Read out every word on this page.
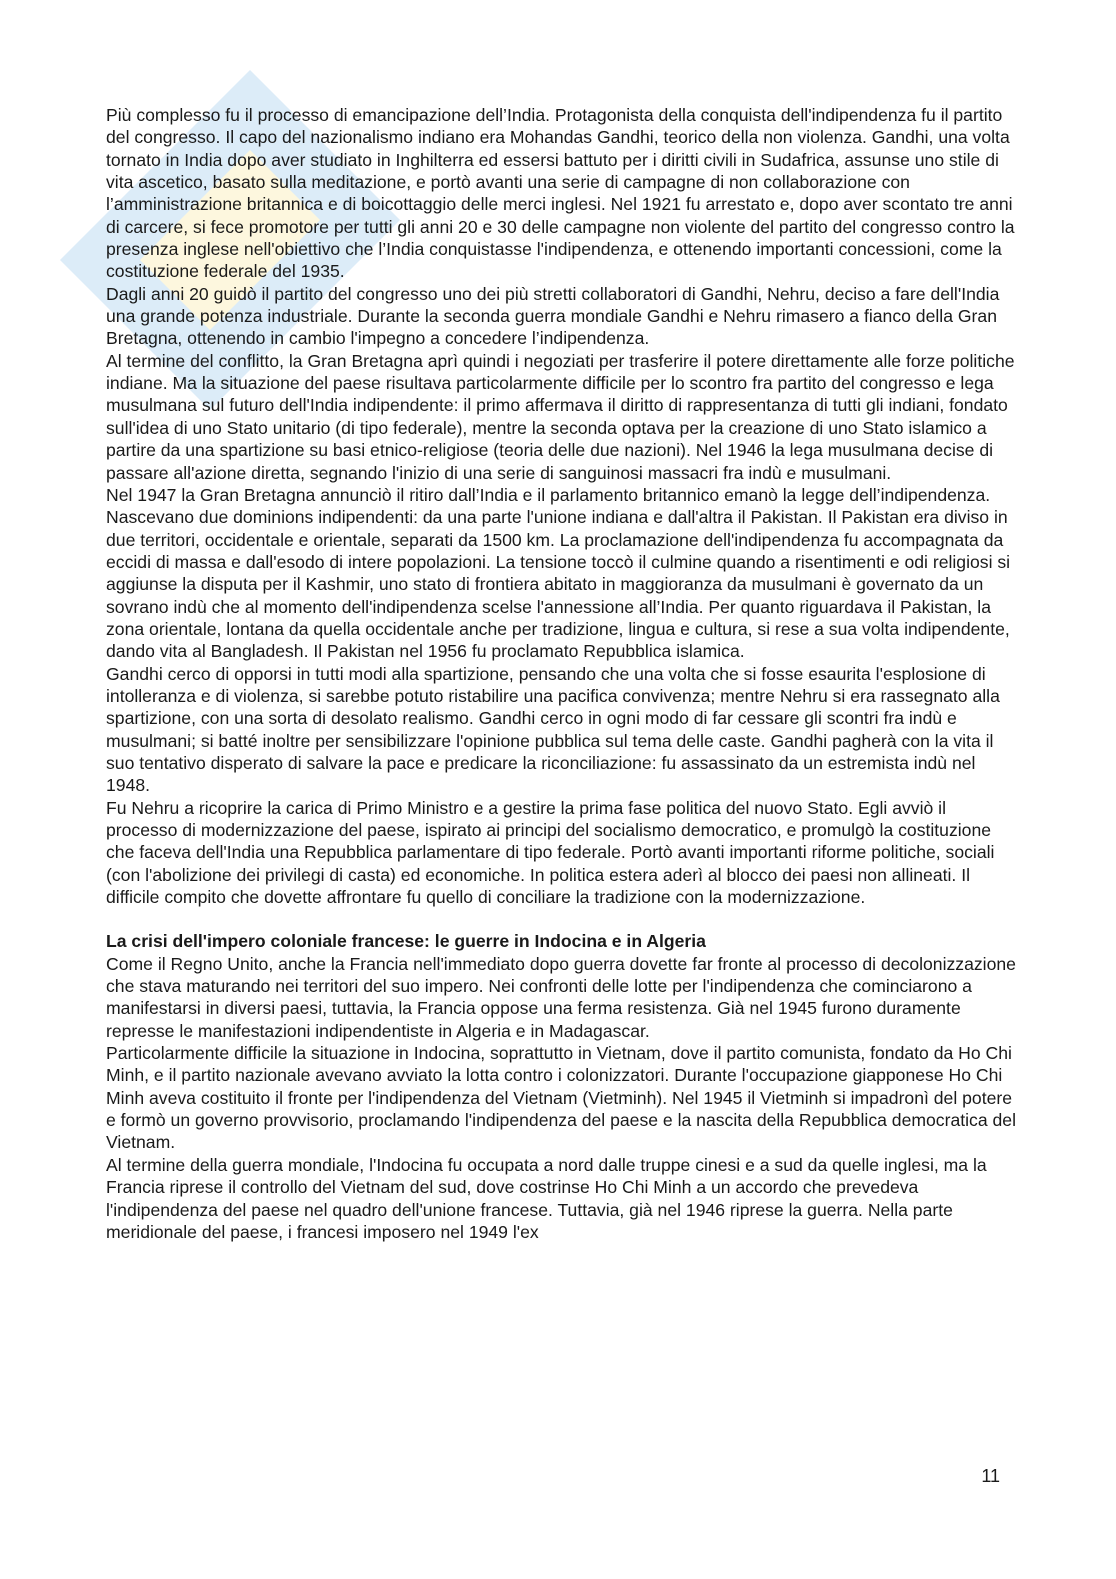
Più complesso fu il processo di emancipazione dell’India. Protagonista della conquista dell'indipendenza fu il partito del congresso. Il capo del nazionalismo indiano era Mohandas Gandhi, teorico della non violenza. Gandhi, una volta tornato in India dopo aver studiato in Inghilterra ed essersi battuto per i diritti civili in Sudafrica, assunse uno stile di vita ascetico, basato sulla meditazione, e portò avanti una serie di campagne di non collaborazione con l’amministrazione britannica e di boicottaggio delle merci inglesi. Nel 1921 fu arrestato e, dopo aver scontato tre anni di carcere, si fece promotore per tutti gli anni 20 e 30 delle campagne non violente del partito del congresso contro la presenza inglese nell'obiettivo che l’India conquistasse l'indipendenza, e ottenendo importanti concessioni, come la costituzione federale del 1935.

Dagli anni 20 guidò il partito del congresso uno dei più stretti collaboratori di Gandhi, Nehru, deciso a fare dell'India una grande potenza industriale. Durante la seconda guerra mondiale Gandhi e Nehru rimasero a fianco della Gran Bretagna, ottenendo in cambio l'impegno a concedere l’indipendenza.

Al termine del conflitto, la Gran Bretagna aprì quindi i negoziati per trasferire il potere direttamente alle forze politiche indiane. Ma la situazione del paese risultava particolarmente difficile per lo scontro fra partito del congresso e lega musulmana sul futuro dell'India indipendente: il primo affermava il diritto di rappresentanza di tutti gli indiani, fondato sull'idea di uno Stato unitario (di tipo federale), mentre la seconda optava per la creazione di uno Stato islamico a partire da una spartizione su basi etnico-religiose (teoria delle due nazioni). Nel 1946 la lega musulmana decise di passare all'azione diretta, segnando l'inizio di una serie di sanguinosi massacri fra indù e musulmani.

Nel 1947 la Gran Bretagna annunciò il ritiro dall’India e il parlamento britannico emanò la legge dell’indipendenza. Nascevano due dominions indipendenti: da una parte l'unione indiana e dall'altra il Pakistan. Il Pakistan era diviso in due territori, occidentale e orientale, separati da 1500 km. La proclamazione dell'indipendenza fu accompagnata da eccidi di massa e dall'esodo di intere popolazioni. La tensione toccò il culmine quando a risentimenti e odi religiosi si aggiunse la disputa per il Kashmir, uno stato di frontiera abitato in maggioranza da musulmani è governato da un sovrano indù che al momento dell'indipendenza scelse l'annessione all’India. Per quanto riguardava il Pakistan, la zona orientale, lontana da quella occidentale anche per tradizione, lingua e cultura, si rese a sua volta indipendente, dando vita al Bangladesh. Il Pakistan nel 1956 fu proclamato Repubblica islamica.

Gandhi cerco di opporsi in tutti modi alla spartizione, pensando che una volta che si fosse esaurita l'esplosione di intolleranza e di violenza, si sarebbe potuto ristabilire una pacifica convivenza; mentre Nehru si era rassegnato alla spartizione, con una sorta di desolato realismo. Gandhi cerco in ogni modo di far cessare gli scontri fra indù e musulmani; si batté inoltre per sensibilizzare l'opinione pubblica sul tema delle caste. Gandhi pagherà con la vita il suo tentativo disperato di salvare la pace e predicare la riconciliazione: fu assassinato da un estremista indù nel 1948.

Fu Nehru a ricoprire la carica di Primo Ministro e a gestire la prima fase politica del nuovo Stato. Egli avviò il processo di modernizzazione del paese, ispirato ai principi del socialismo democratico, e promulgò la costituzione che faceva dell'India una Repubblica parlamentare di tipo federale. Portò avanti importanti riforme politiche, sociali (con l'abolizione dei privilegi di casta) ed economiche. In politica estera aderì al blocco dei paesi non allineati. Il difficile compito che dovette affrontare fu quello di conciliare la tradizione con la modernizzazione.

La crisi dell'impero coloniale francese: le guerre in Indocina e in Algeria

Come il Regno Unito, anche la Francia nell'immediato dopo guerra dovette far fronte al processo di decolonizzazione che stava maturando nei territori del suo impero. Nei confronti delle lotte per l'indipendenza che cominciarono a manifestarsi in diversi paesi, tuttavia, la Francia oppose una ferma resistenza. Già nel 1945 furono duramente represse le manifestazioni indipendentiste in Algeria e in Madagascar.

Particolarmente difficile la situazione in Indocina, soprattutto in Vietnam, dove il partito comunista, fondato da Ho Chi Minh, e il partito nazionale avevano avviato la lotta contro i colonizzatori. Durante l'occupazione giapponese Ho Chi Minh aveva costituito il fronte per l'indipendenza del Vietnam (Vietminh). Nel 1945 il Vietminh si impadronì del potere e formò un governo provvisorio, proclamando l'indipendenza del paese e la nascita della Repubblica democratica del Vietnam.

Al termine della guerra mondiale, l'Indocina fu occupata a nord dalle truppe cinesi e a sud da quelle inglesi, ma la Francia riprese il controllo del Vietnam del sud, dove costrinse Ho Chi Minh a un accordo che prevedeva l'indipendenza del paese nel quadro dell'unione francese. Tuttavia, già nel 1946 riprese la guerra. Nella parte meridionale del paese, i francesi imposero nel 1949 l'ex

11
